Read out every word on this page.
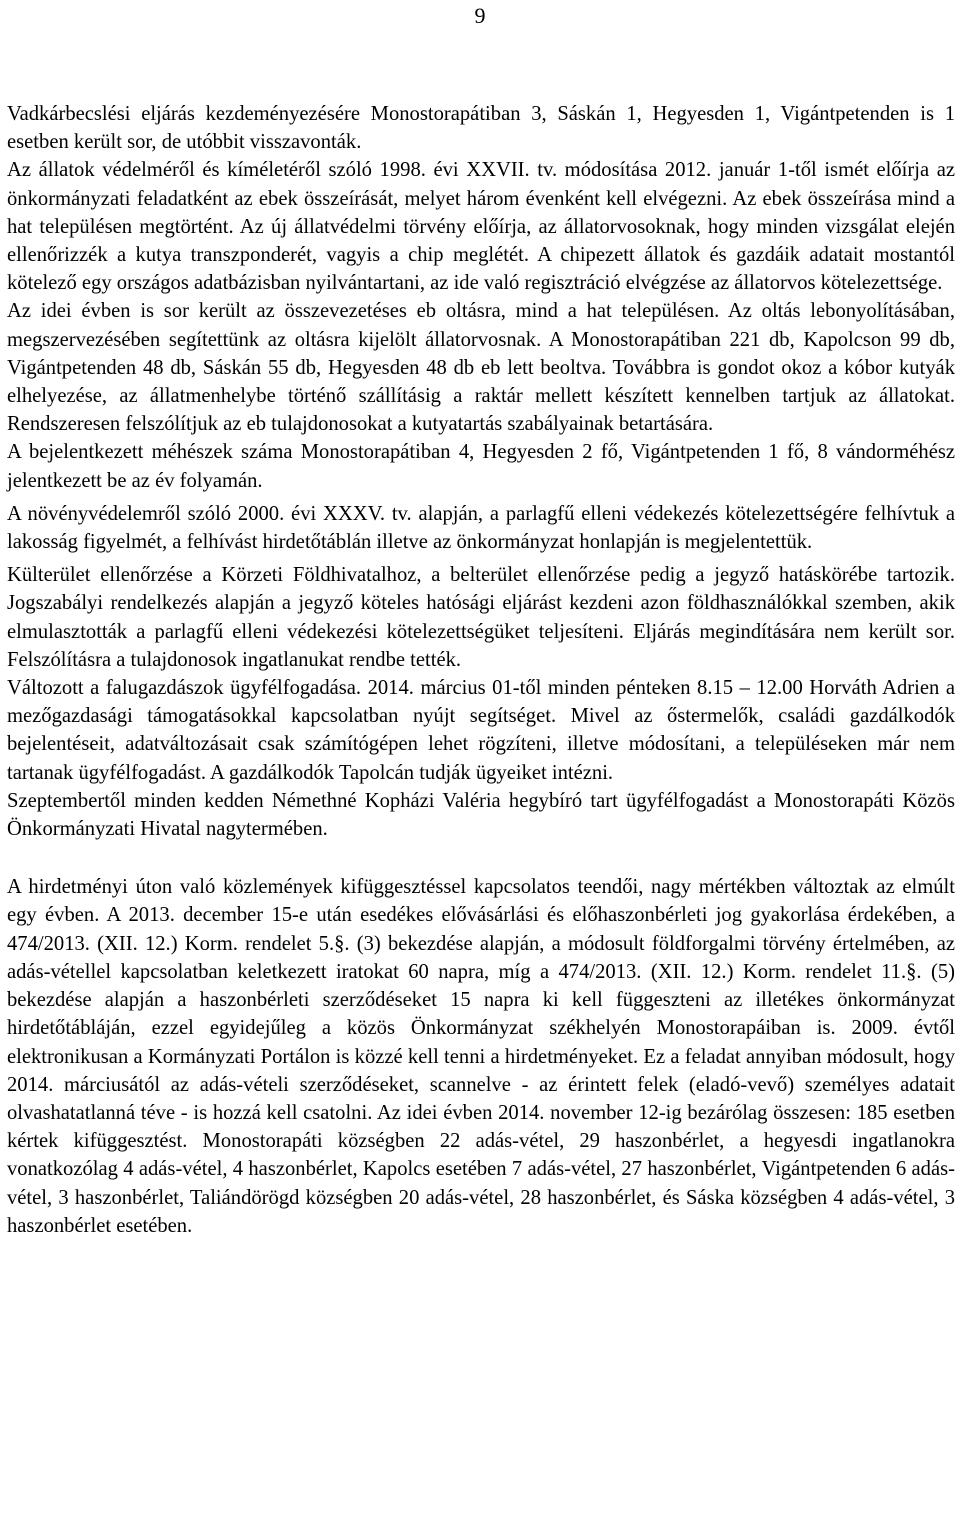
9

Vadkárbecslési eljárás kezdeményezésére Monostorapátiban 3, Sáskán 1, Hegyesden 1, Vigántpetenden is 1 esetben került sor, de utóbbit visszavonták.

Az állatok védelméről és kíméletéről szóló 1998. évi XXVII. tv. módosítása 2012. január 1-től ismét előírja az önkormányzati feladatként az ebek összeírását, melyet három évenként kell elvégezni. Az ebek összeírása mind a hat településen megtörtént. Az új állatvédelmi törvény előírja, az állatorvosoknak, hogy minden vizsgálat elején ellenőrizzék a kutya transzponderét, vagyis a chip meglétét. A chipezett állatok és gazdáik adatait mostantól kötelező egy országos adatbázisban nyilvántartani, az ide való regisztráció elvégzése az állatorvos kötelezettsége.

Az idei évben is sor került az összevezetéses eb oltásra, mind a hat településen. Az oltás lebonyolításában, megszervezésében segítettünk az oltásra kijelölt állatorvosnak. A Monostorapátiban 221 db, Kapolcson 99 db, Vigántpetenden 48 db, Sáskán 55 db, Hegyesden 48 db eb lett beoltva. Továbbra is gondot okoz a kóbor kutyák elhelyezése, az állatmenhelybe történő szállításig a raktár mellett készített kennelben tartjuk az állatokat. Rendszeresen felszólítjuk az eb tulajdonosokat a kutyatartás szabályainak betartására.

A bejelentkezett méhészek száma Monostorapátiban 4, Hegyesden 2 fő, Vigántpetenden 1 fő, 8 vándorméhész jelentkezett be az év folyamán.

A növényvédelemről szóló 2000. évi XXXV. tv. alapján, a parlagfű elleni védekezés kötelezettségére felhívtuk a lakosság figyelmét, a felhívást hirdetőtáblán illetve az önkormányzat honlapján is megjelentettük.

Külterület ellenőrzése a Körzeti Földhivatalhoz, a belterület ellenőrzése pedig a jegyző hatáskörébe tartozik. Jogszabályi rendelkezés alapján a jegyző köteles hatósági eljárást kezdeni azon földhasználókkal szemben, akik elmulasztották a parlagfű elleni védekezési kötelezettségüket teljesíteni. Eljárás megindítására nem került sor. Felszólításra a tulajdonosok ingatlanukat rendbe tették.

Változott a falugazdászok ügyfélfogadása. 2014. március 01-től minden pénteken 8.15 – 12.00 Horváth Adrien a mezőgazdasági támogatásokkal kapcsolatban nyújt segítséget. Mivel az őstermelők, családi gazdálkodók bejelentéseit, adatváltozásait csak számítógépen lehet rögzíteni, illetve módosítani, a településeken már nem tartanak ügyfélfogadást. A gazdálkodók Tapolcán tudják ügyeiket intézni.

Szeptembertől minden kedden Némethné Kopházi Valéria hegybíró tart ügyfélfogadást a Monostorapáti Közös Önkormányzati Hivatal nagytermében.

A hirdetményi úton való közlemények kifüggesztéssel kapcsolatos teendői, nagy mértékben változtak az elmúlt egy évben. A 2013. december 15-e után esedékes elővásárlási és előhaszonbérleti jog gyakorlása érdekében, a 474/2013. (XII. 12.) Korm. rendelet 5.§. (3) bekezdése alapján, a módosult földforgalmi törvény értelmében, az adás-vétellel kapcsolatban keletkezett iratokat 60 napra, míg a 474/2013. (XII. 12.) Korm. rendelet 11.§. (5) bekezdése alapján a haszonbérleti szerződéseket 15 napra ki kell függeszteni az illetékes önkormányzat hirdetőtábláján, ezzel egyidejűleg a közös Önkormányzat székhelyén Monostorapáiban is. 2009. évtől elektronikusan a Kormányzati Portálon is közzé kell tenni a hirdetményeket. Ez a feladat annyiban módosult, hogy 2014. márciusától az adás-vételi szerződéseket, scannelve - az érintett felek (eladó-vevő) személyes adatait olvashatatlanná téve - is hozzá kell csatolni. Az idei évben 2014. november 12-ig bezárólag összesen: 185 esetben kértek kifüggesztést. Monostorapáti községben 22 adás-vétel, 29 haszonbérlet, a hegyesdi ingatlanokra vonatkozólag 4 adás-vétel, 4 haszonbérlet, Kapolcs esetében 7 adás-vétel, 27 haszonbérlet, Vigántpetenden 6 adás-vétel, 3 haszonbérlet, Taliándörögd községben 20 adás-vétel, 28 haszonbérlet, és Sáska községben 4 adás-vétel, 3 haszonbérlet esetében.
